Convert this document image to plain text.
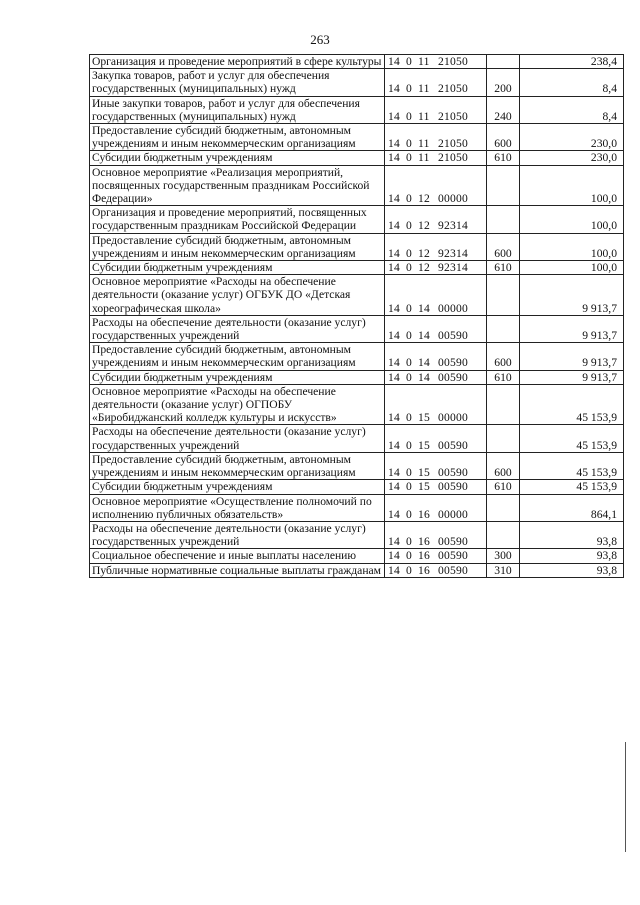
263
Организация и проведение мероприятий в сфере культуры	14 0 11 21050		238,4
Закупка товаров, работ и услуг для обеспечения государственных (муниципальных) нужд	14 0 11 21050	200	8,4
Иные закупки товаров, работ и услуг для обеспечения государственных (муниципальных) нужд	14 0 11 21050	240	8,4
Предоставление субсидий бюджетным, автономным учреждениям и иным некоммерческим организациям	14 0 11 21050	600	230,0
Субсидии бюджетным учреждениям	14 0 11 21050	610	230,0
Основное мероприятие «Реализация мероприятий, посвященных государственным праздникам Российской Федерации»	14 0 12 00000		100,0
Организация и проведение мероприятий, посвященных государственным праздникам Российской Федерации	14 0 12 92314		100,0
Предоставление субсидий бюджетным, автономным учреждениям и иным некоммерческим организациям	14 0 12 92314	600	100,0
Субсидии бюджетным учреждениям	14 0 12 92314	610	100,0
Основное мероприятие «Расходы на обеспечение деятельности (оказание услуг) ОГБУК ДО «Детская хореографическая школа»	14 0 14 00000		9 913,7
Расходы на обеспечение деятельности (оказание услуг) государственных учреждений	14 0 14 00590		9 913,7
Предоставление субсидий бюджетным, автономным учреждениям и иным некоммерческим организациям	14 0 14 00590	600	9 913,7
Субсидии бюджетным учреждениям	14 0 14 00590	610	9 913,7
Основное мероприятие «Расходы на обеспечение деятельности (оказание услуг) ОГПОБУ «Биробиджанский колледж культуры и искусств»	14 0 15 00000		45 153,9
Расходы на обеспечение деятельности (оказание услуг) государственных учреждений	14 0 15 00590		45 153,9
Предоставление субсидий бюджетным, автономным учреждениям и иным некоммерческим организациям	14 0 15 00590	600	45 153,9
Субсидии бюджетным учреждениям	14 0 15 00590	610	45 153,9
Основное мероприятие «Осуществление полномочий по исполнению публичных обязательств»	14 0 16 00000		864,1
Расходы на обеспечение деятельности (оказание услуг) государственных учреждений	14 0 16 00590		93,8
Социальное обеспечение и иные выплаты населению	14 0 16 00590	300	93,8
Публичные нормативные социальные выплаты гражданам	14 0 16 00590	310	93,8
